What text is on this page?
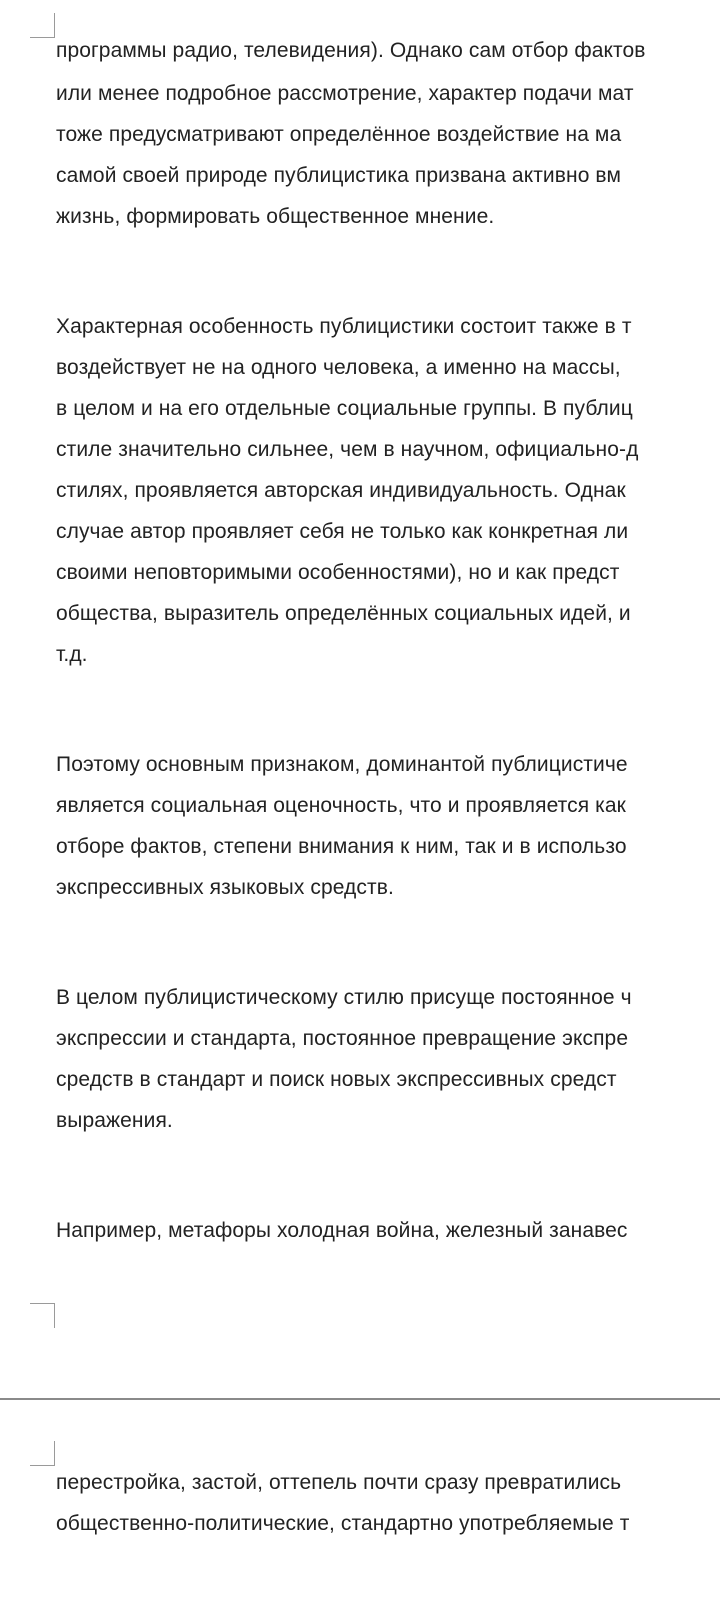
программы радио, телевидения). Однако сам отбор фактов
или менее подробное рассмотрение, характер подачи мат
тоже предусматривают определённое воздействие на ма
самой своей природе публицистика призвана активно вм
жизнь, формировать общественное мнение.
Характерная особенность публицистики состоит также в т
воздействует не на одного человека, а именно на массы,
в целом и на его отдельные социальные группы. В публиц
стиле значительно сильнее, чем в научном, официально-д
стилях, проявляется авторская индивидуальность. Однак
случае автор проявляет себя не только как конкретная ли
своими неповторимыми особенностями), но и как предст
общества, выразитель определённых социальных идей, и
т.д.
Поэтому основным признаком, доминантой публицистиче
является социальная оценочность, что и проявляется как
отборе фактов, степени внимания к ним, так и в использо
экспрессивных языковых средств.
В целом публицистическому стилю присуще постоянное ч
экспрессии и стандарта, постоянное превращение экспре
средств в стандарт и поиск новых экспрессивных средст
выражения.
Например, метафоры холодная война, железный занавес
перестройка, застой, оттепель почти сразу превратились
общественно-политические, стандартно употребляемые т
